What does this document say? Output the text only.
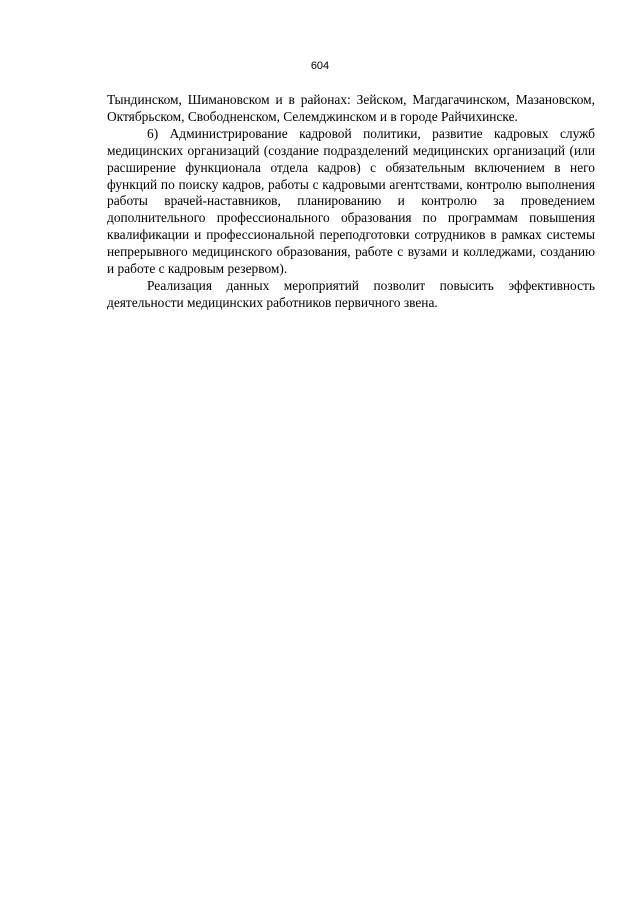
604

Тындинском, Шимановском и в районах: Зейском, Магдагачинском, Мазановском, Октябрьском, Свободненском, Селемджинском и в городе Райчихинске.

6) Администрирование кадровой политики, развитие кадровых служб медицинских организаций (создание подразделений медицинских организаций (или расширение функционала отдела кадров) с обязательным включением в него функций по поиску кадров, работы с кадровыми агентствами, контролю выполнения работы врачей-наставников, планированию и контролю за проведением дополнительного профессионального образования по программам повышения квалификации и профессиональной переподготовки сотрудников в рамках системы непрерывного медицинского образования, работе с вузами и колледжами, созданию и работе с кадровым резервом).

Реализация данных мероприятий позволит повысить эффективность деятельности медицинских работников первичного звена.
